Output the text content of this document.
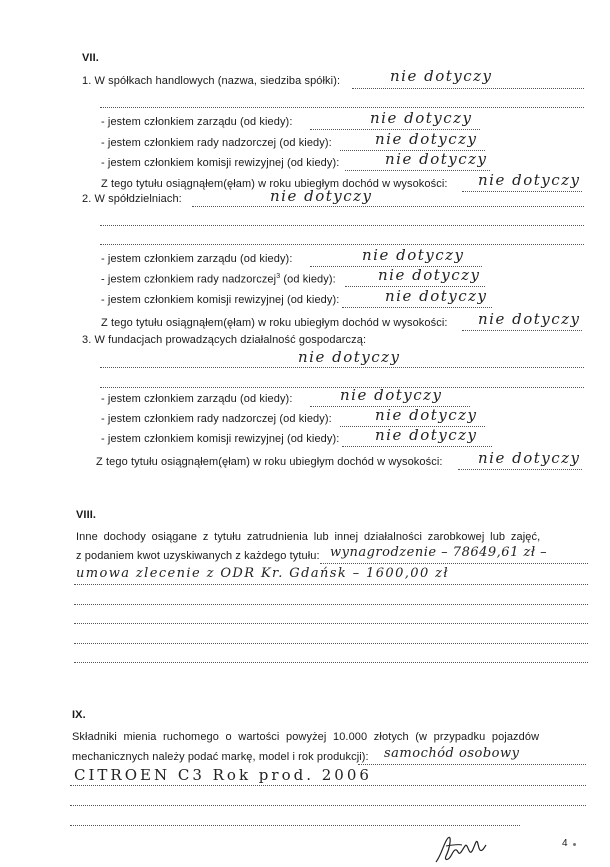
VII.
1. W spółkach handlowych (nazwa, siedziba spółki):	nie dotyczy
- jestem członkiem zarządu (od kiedy):	nie dotyczy
- jestem członkiem rady nadzorczej (od kiedy):	nie dotyczy
- jestem członkiem komisji rewizyjnej (od kiedy):	nie dotyczy
Z tego tytułu osiągnąłem(ęłam) w roku ubiegłym dochód w wysokości: nie dotyczy
2. W spółdzielniach:	nie dotyczy
- jestem członkiem zarządu (od kiedy):	nie dotyczy
- jestem członkiem rady nadzorczej$^3$ (od kiedy):	nie dotyczy
- jestem członkiem komisji rewizyjnej (od kiedy):	nie dotyczy
Z tego tytułu osiągnąłem(ęłam) w roku ubiegłym dochód w wysokości: nie dotyczy
3. W fundacjach prowadzących działalność gospodarczą:
nie dotyczy
- jestem członkiem zarządu (od kiedy):	nie dotyczy
- jestem członkiem rady nadzorczej (od kiedy):	nie dotyczy
- jestem członkiem komisji rewizyjnej (od kiedy): nie dotyczy
Z tego tytułu osiągnąłem(ęłam) w roku ubiegłym dochód w wysokości: nie dotyczy
VIII.
Inne dochody osiągane z tytułu zatrudnienia lub innej działalności zarobkowej lub zajęć,
z podaniem kwot uzyskiwanych z każdego tytułu: wynagrodzenie – 78649,61 zł –
umowa zlecenie z ODR Kr. Gdańsk – 1600,00 zł
IX.
Składniki mienia ruchomego o wartości powyżej 10.000 złotych (w przypadku pojazdów
mechanicznych należy podać markę, model i rok produkcji): samochód osobowy
CITROEN C3 Rok prod. 2006
4
